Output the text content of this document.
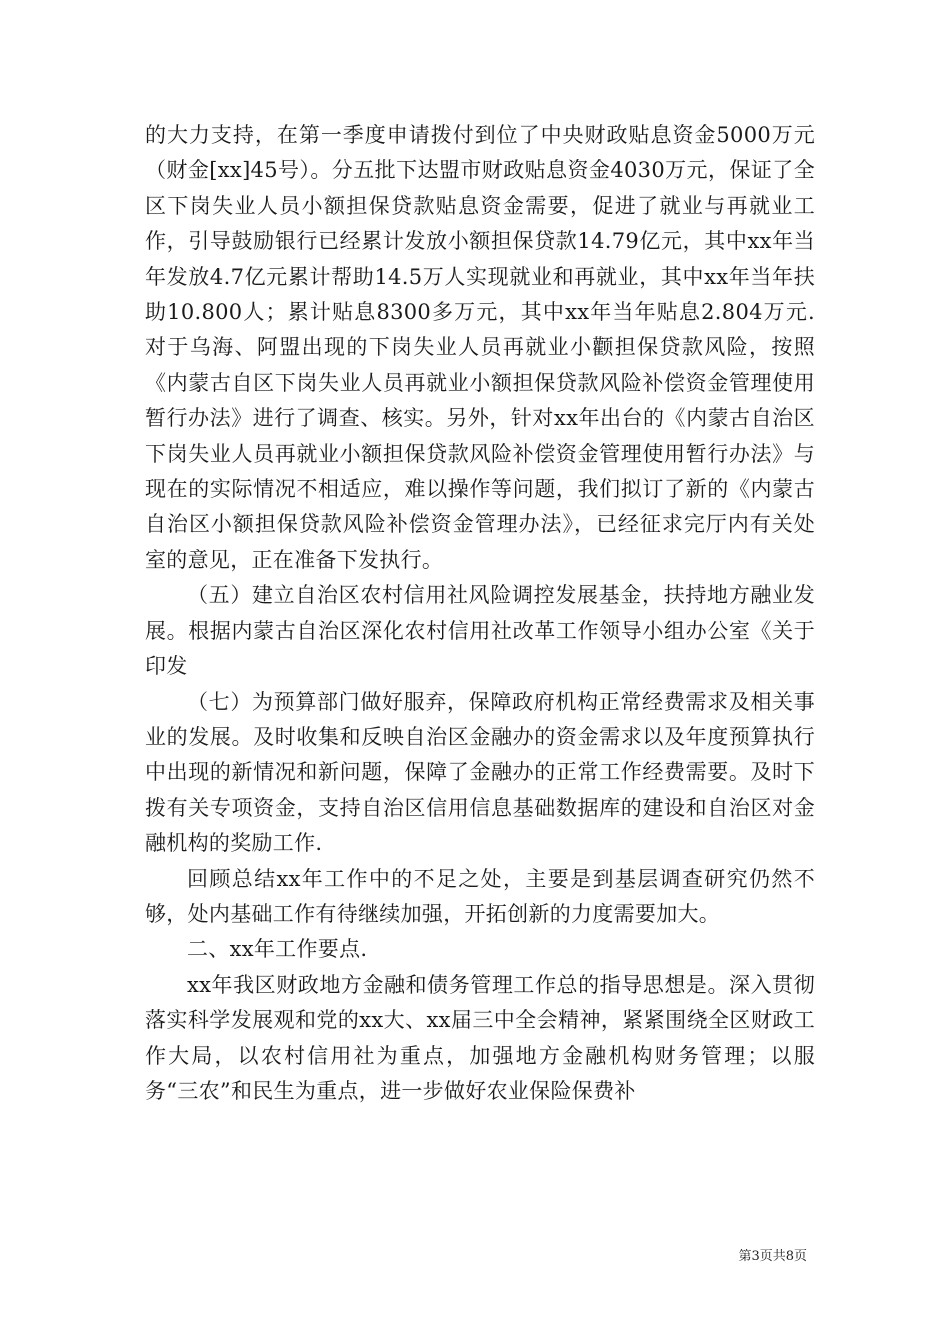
的大力支持，在第一季度申请拨付到位了中央财政贴息资金5000万元（财金[xx]45号）。分五批下达盟市财政贴息资金4030万元，保证了全区下岗失业人员小额担保贷款贴息资金需要，促进了就业与再就业工作，引导鼓励银行已经累计发放小额担保贷款14.79亿元，其中xx年当年发放4.7亿元累计帮助14.5万人实现就业和再就业，其中xx年当年扶助10.800人；累计贴息8300多万元，其中xx年当年贴息2.804万元.对于乌海、阿盟出现的下岗失业人员再就业小颧担保贷款风险，按照《内蒙古自区下岗失业人员再就业小额担保贷款风险补偿资金管理使用暂行办法》进行了调查、核实。另外，针对xx年出台的《内蒙古自治区下岗失业人员再就业小额担保贷款风险补偿资金管理使用暂行办法》与现在的实际情况不相适应，难以操作等问题，我们拟订了新的《内蒙古自治区小额担保贷款风险补偿资金管理办法》，已经征求完厅内有关处室的意见，正在准备下发执行。

（五）建立自治区农村信用社风险调控发展基金，扶持地方融业发展。根据内蒙古自治区深化农村信用社改革工作领导小组办公室《关于印发

（七）为预算部门做好服弃，保障政府机构正常经费需求及相关事业的发展。及时收集和反映自治区金融办的资金需求以及年度预算执行中出现的新情况和新问题，保障了金融办的正常工作经费需要。及时下拨有关专项资金，支持自治区信用信息基础数据库的建设和自治区对金融机构的奖励工作.

回顾总结xx年工作中的不足之处，主要是到基层调查研究仍然不够，处内基础工作有待继续加强，开拓创新的力度需要加大。

二、xx年工作要点.

xx年我区财政地方金融和债务管理工作总的指导思想是。深入贯彻落实科学发展观和党的xx大、xx届三中全会精神，紧紧围绕全区财政工作大局，以农村信用社为重点，加强地方金融机构财务管理；以服务“三农”和民生为重点，进一步做好农业保险保费补

第3页共8页
